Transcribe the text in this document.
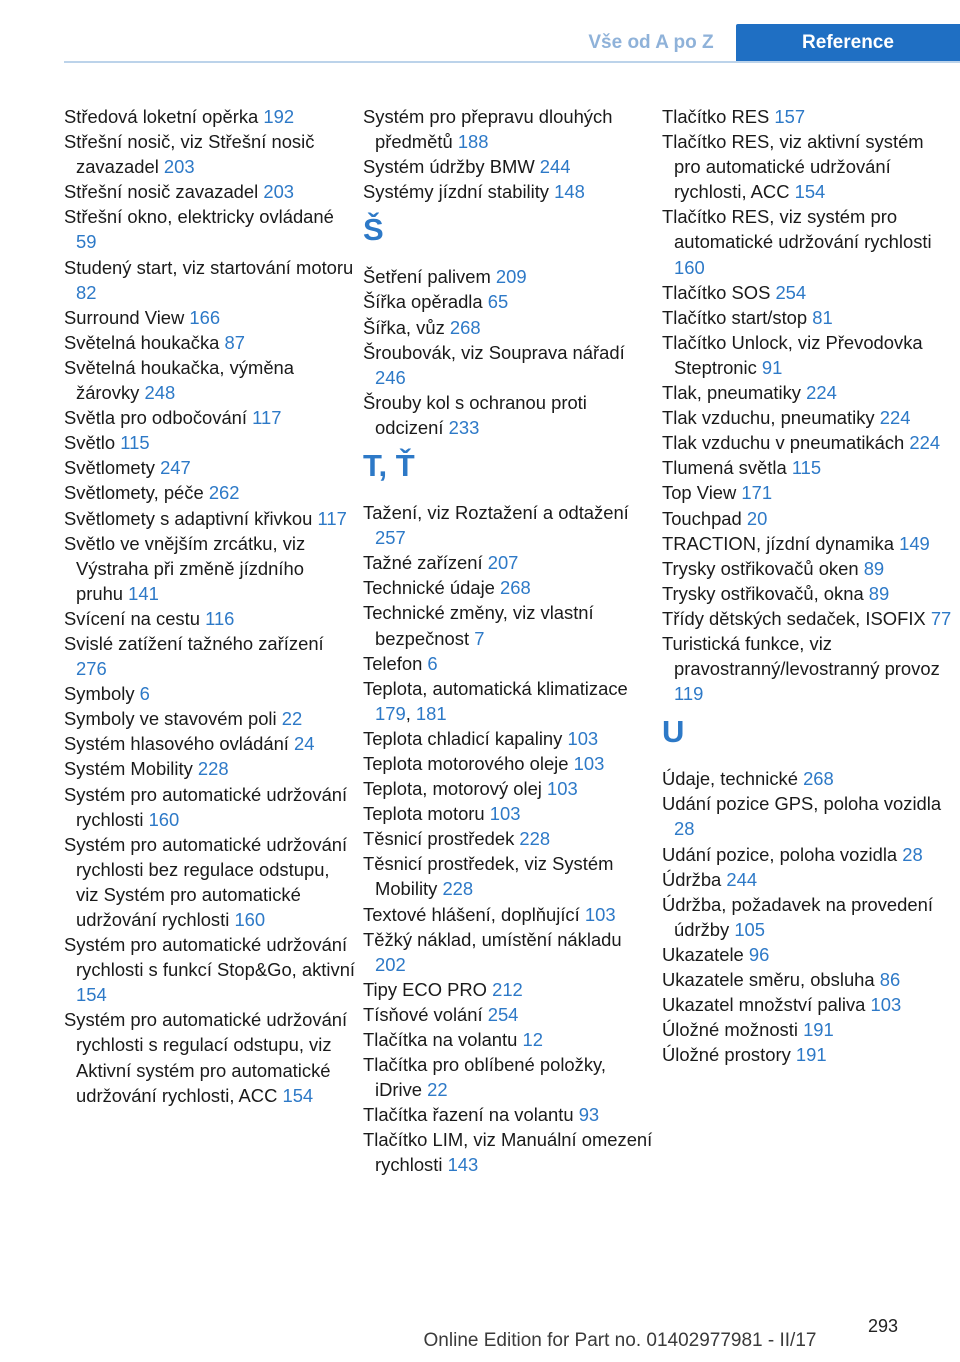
Vše od A po Z	Reference
Středová loketní opěrka 192
Střešní nosič, viz Střešní nosič zavazadel 203
Střešní nosič zavazadel 203
Střešní okno, elektricky ovládané 59
Studený start, viz startování motoru 82
Surround View 166
Světelná houkačka 87
Světelná houkačka, výměna žárovky 248
Světla pro odbočování 117
Světlo 115
Světlomety 247
Světlomety, péče 262
Světlomety s adaptivní křivkou 117
Světlo ve vnějším zrcátku, viz Výstraha při změně jízdního pruhu 141
Svícení na cestu 116
Svislé zatížení tažného zařízení 276
Symboly 6
Symboly ve stavovém poli 22
Systém hlasového ovládání 24
Systém Mobility 228
Systém pro automatické udržování rychlosti 160
Systém pro automatické udržování rychlosti bez regulace odstupu, viz Systém pro automatické udržování rychlosti 160
Systém pro automatické udržování rychlosti s funkcí Stop&Go, aktivní 154
Systém pro automatické udržování rychlosti s regulací odstupu, viz Aktivní systém pro automatické udržování rychlosti, ACC 154
Systém pro přepravu dlouhých předmětů 188
Systém údržby BMW 244
Systémy jízdní stability 148
Š
Šetření palivem 209
Šířka opěradla 65
Šířka, vůz 268
Šroubovák, viz Souprava nářadí 246
Šrouby kol s ochranou proti odcizení 233
T, Ť
Tažení, viz Roztažení a odtažení 257
Tažné zařízení 207
Technické údaje 268
Technické změny, viz vlastní bezpečnost 7
Telefon 6
Teplota, automatická klimatizace 179, 181
Teplota chladicí kapaliny 103
Teplota motorového oleje 103
Teplota, motorový olej 103
Teplota motoru 103
Těsnicí prostředek 228
Těsnicí prostředek, viz Systém Mobility 228
Textové hlášení, doplňující 103
Těžký náklad, umístění nákladu 202
Tipy ECO PRO 212
Tísňové volání 254
Tlačítka na volantu 12
Tlačítka pro oblíbené položky, iDrive 22
Tlačítka řazení na volantu 93
Tlačítko LIM, viz Manuální omezení rychlosti 143
Tlačítko RES 157
Tlačítko RES, viz aktivní systém pro automatické udržování rychlosti, ACC 154
Tlačítko RES, viz systém pro automatické udržování rychlosti 160
Tlačítko SOS 254
Tlačítko start/stop 81
Tlačítko Unlock, viz Převodovka Steptronic 91
Tlak, pneumatiky 224
Tlak vzduchu, pneumatiky 224
Tlak vzduchu v pneumatikách 224
Tlumená světla 115
Top View 171
Touchpad 20
TRACTION, jízdní dynamika 149
Trysky ostřikovačů oken 89
Trysky ostřikovačů, okna 89
Třídy dětských sedaček, ISOFIX 77
Turistická funkce, viz pravostranný/levostranný provoz 119
U
Údaje, technické 268
Udání pozice GPS, poloha vozidla 28
Udání pozice, poloha vozidla 28
Údržba 244
Údržba, požadavek na provedení údržby 105
Ukazatele 96
Ukazatele směru, obsluha 86
Ukazatel množství paliva 103
Úložné možnosti 191
Úložné prostory 191
293
Online Edition for Part no. 01402977981 - II/17
